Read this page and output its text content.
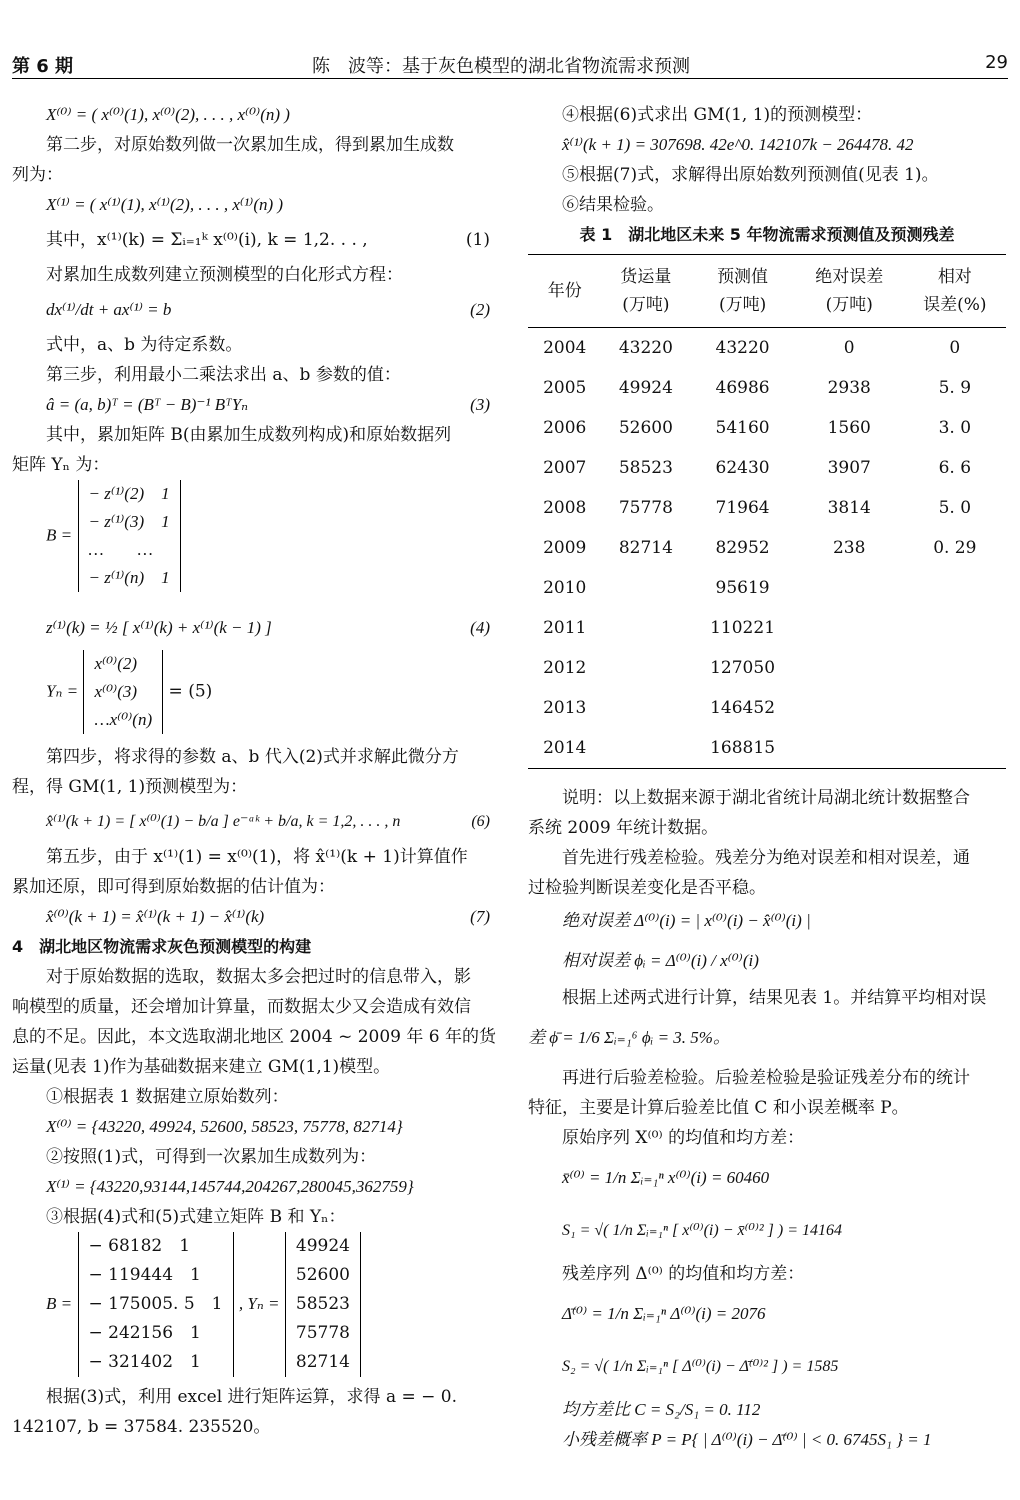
第 6 期	陈　波等：基于灰色模型的湖北省物流需求预测	29
X⁽⁰⁾ = ( x⁽⁰⁾(1), x⁽⁰⁾(2), . . . , x⁽⁰⁾(n) )
第二步，对原始数列做一次累加生成，得到累加生成数
列为：
X⁽¹⁾ = ( x⁽¹⁾(1), x⁽¹⁾(2), . . . , x⁽¹⁾(n) )
其中，x⁽¹⁾(k) = Σᵢ₌₁ᵏ x⁽⁰⁾(i), k = 1,2. . . ,	(1)
对累加生成数列建立预测模型的白化形式方程：
dx⁽¹⁾/dt + ax⁽¹⁾ = b	(2)
式中，a、b 为待定系数。
第三步，利用最小二乘法求出 a、b 参数的值：
â = (a, b)ᵀ = (Bᵀ − B)⁻¹ BᵀYₙ	(3)
其中，累加矩阵 B(由累加生成数列构成)和原始数据列
矩阵 Yₙ 为：
B =
− z⁽¹⁾(2)　1
− z⁽¹⁾(3)　1
…　　…
− z⁽¹⁾(n)　1
z⁽¹⁾(k) = ½ [ x⁽¹⁾(k) + x⁽¹⁾(k − 1) ]	(4)
Yₙ =
x⁽⁰⁾(2)
x⁽⁰⁾(3)
…x⁽⁰⁾(n)
= (5)
第四步，将求得的参数 a、b 代入(2)式并求解此微分方
程，得 GM(1, 1)预测模型为：
x̂⁽¹⁾(k + 1) = [ x⁽⁰⁾(1) − b/a ] e⁻ᵃᵏ + b/a, k = 1,2, . . . , n	(6)
第五步，由于 x⁽¹⁾(1) = x⁽⁰⁾(1)，将 x̂⁽¹⁾(k + 1)计算值作
累加还原，即可得到原始数据的估计值为：
x̂⁽⁰⁾(k + 1) = x̂⁽¹⁾(k + 1) − x̂⁽¹⁾(k)	(7)
4　湖北地区物流需求灰色预测模型的构建
对于原始数据的选取，数据太多会把过时的信息带入，影
响模型的质量，还会增加计算量，而数据太少又会造成有效信
息的不足。因此，本文选取湖北地区 2004 ~ 2009 年 6 年的货
运量(见表 1)作为基础数据来建立 GM(1,1)模型。
①根据表 1 数据建立原始数列：
X⁽⁰⁾ = {43220, 49924, 52600, 58523, 75778, 82714}
②按照(1)式，可得到一次累加生成数列为：
X⁽¹⁾ = {43220,93144,145744,204267,280045,362759}
③根据(4)式和(5)式建立矩阵 B 和 Yₙ：
B =
− 68182　1
− 119444　1
− 175005. 5　1
− 242156　1
− 321402　1
, Yₙ =
49924
52600
58523
75778
82714
根据(3)式，利用 excel 进行矩阵运算，求得 a = − 0.
142107, b = 37584. 235520。
④根据(6)式求出 GM(1, 1)的预测模型：
x̂⁽¹⁾(k + 1) = 307698. 42e^0. 142107k − 264478. 42
⑤根据(7)式，求解得出原始数列预测值(见表 1)。
⑥结果检验。
表 1　湖北地区未来 5 年物流需求预测值及预测残差
年份	货运量
(万吨)	预测值
(万吨)	绝对误差
(万吨)	相对
误差(%)
2004	43220	43220	0	0
2005	49924	46986	2938	5. 9
2006	52600	54160	1560	3. 0
2007	58523	62430	3907	6. 6
2008	75778	71964	3814	5. 0
2009	82714	82952	238	0. 29
2010		95619		
2011		110221		
2012		127050		
2013		146452		
2014		168815		
说明：以上数据来源于湖北省统计局湖北统计数据整合
系统 2009 年统计数据。
首先进行残差检验。残差分为绝对误差和相对误差，通
过检验判断误差变化是否平稳。
绝对误差 Δ⁽⁰⁾(i) = | x⁽⁰⁾(i) − x̂⁽⁰⁾(i) |
相对误差 ϕᵢ = Δ⁽⁰⁾(i) / x⁽⁰⁾(i)
根据上述两式进行计算，结果见表 1。并结算平均相对误
差 ϕ̄ = 1/6 Σᵢ₌₁⁶ ϕᵢ = 3. 5%。
再进行后验差检验。后验差检验是验证残差分布的统计
特征，主要是计算后验差比值 C 和小误差概率 P。
原始序列 X⁽⁰⁾ 的均值和均方差：
x̄⁽⁰⁾ = 1/n Σᵢ₌₁ⁿ x⁽⁰⁾(i) = 60460
S₁ = √( 1/n Σᵢ₌₁ⁿ [ x⁽⁰⁾(i) − x̄⁽⁰⁾² ] ) = 14164
残差序列 Δ⁽⁰⁾ 的均值和均方差：
Δ̄⁽⁰⁾ = 1/n Σᵢ₌₁ⁿ Δ⁽⁰⁾(i) = 2076
S₂ = √( 1/n Σᵢ₌₁ⁿ [ Δ⁽⁰⁾(i) − Δ̄⁽⁰⁾² ] ) = 1585
均方差比 C = S₂/S₁ = 0. 112
小残差概率 P = P{ | Δ⁽⁰⁾(i) − Δ̄⁽⁰⁾ | < 0. 6745S₁ } = 1
